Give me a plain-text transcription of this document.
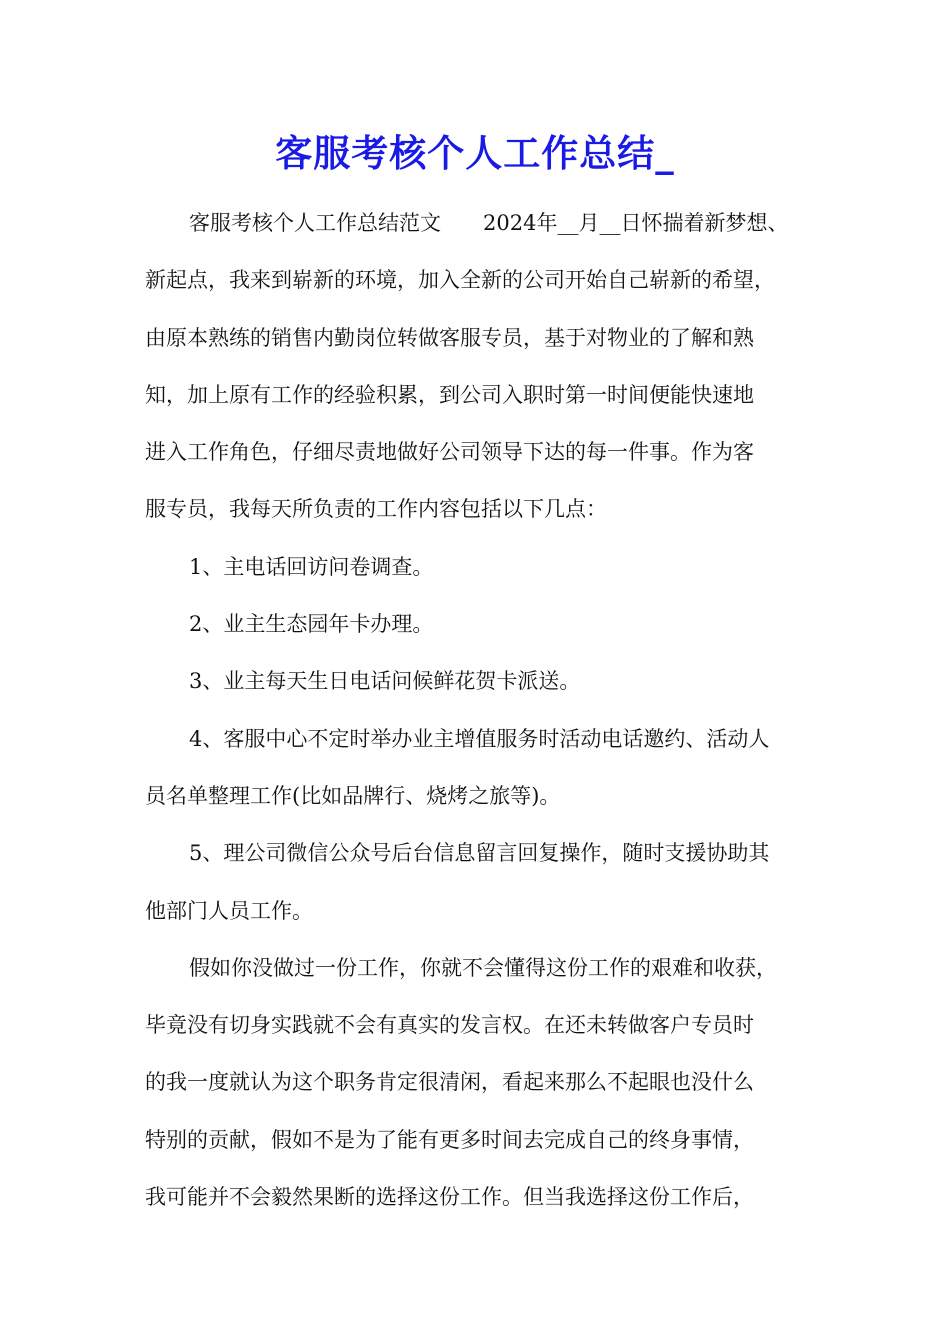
客服考核个人工作总结_
客服考核个人工作总结范文　　2024年__月__日怀揣着新梦想、
新起点，我来到崭新的环境，加入全新的公司开始自己崭新的希望，
由原本熟练的销售内勤岗位转做客服专员，基于对物业的了解和熟
知，加上原有工作的经验积累，到公司入职时第一时间便能快速地
进入工作角色，仔细尽责地做好公司领导下达的每一件事。作为客
服专员，我每天所负责的工作内容包括以下几点：
1、主电话回访问卷调查。
2、业主生态园年卡办理。
3、业主每天生日电话问候鲜花贺卡派送。
4、客服中心不定时举办业主增值服务时活动电话邀约、活动人
员名单整理工作(比如品牌行、烧烤之旅等)。
5、理公司微信公众号后台信息留言回复操作，随时支援协助其
他部门人员工作。
假如你没做过一份工作，你就不会懂得这份工作的艰难和收获，
毕竟没有切身实践就不会有真实的发言权。在还未转做客户专员时
的我一度就认为这个职务肯定很清闲，看起来那么不起眼也没什么
特别的贡献，假如不是为了能有更多时间去完成自己的终身事情，
我可能并不会毅然果断的选择这份工作。但当我选择这份工作后，
